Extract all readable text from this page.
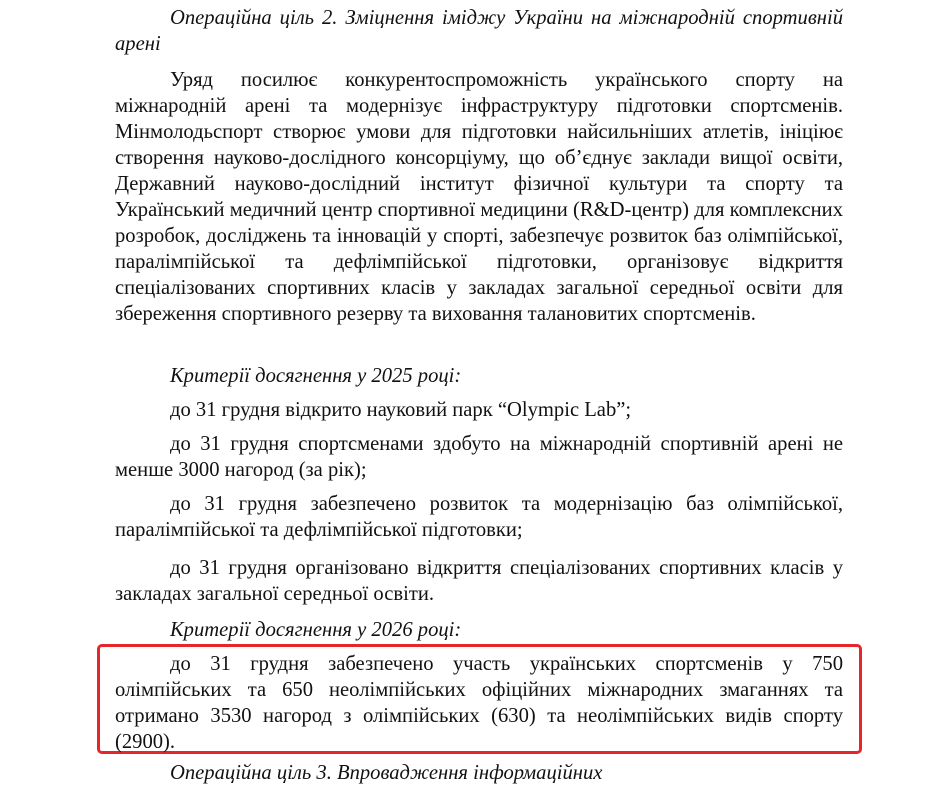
Операційна ціль 2. Зміцнення іміджу України на міжнародній спортивній арені
Уряд посилює конкурентоспроможність українського спорту на міжнародній арені та модернізує інфраструктуру підготовки спортсменів. Мінмолодьспорт створює умови для підготовки найсильніших атлетів, ініціює створення науково-дослідного консорціуму, що об’єднує заклади вищої освіти, Державний науково-дослідний інститут фізичної культури та спорту та Український медичний центр спортивної медицини (R&D-центр) для комплексних розробок, досліджень та інновацій у спорті, забезпечує розвиток баз олімпійської, паралімпійської та дефлімпійської підготовки, організовує відкриття спеціалізованих спортивних класів у закладах загальної середньої освіти для збереження спортивного резерву та виховання талановитих спортсменів.
Критерії досягнення у 2025 році:
до 31 грудня відкрито науковий парк “Olympic Lab”;
до 31 грудня спортсменами здобуто на міжнародній спортивній арені не менше 3000 нагород (за рік);
до 31 грудня забезпечено розвиток та модернізацію баз олімпійської, паралімпійської та дефлімпійської підготовки;
до 31 грудня організовано відкриття спеціалізованих спортивних класів у закладах загальної середньої освіти.
Критерії досягнення у 2026 році:
до 31 грудня забезпечено участь українських спортсменів у 750 олімпійських та 650 неолімпійських офіційних міжнародних змаганнях та отримано 3530 нагород з олімпійських (630) та неолімпійських видів спорту (2900).
Операційна ціль 3. Впровадження інформаційних
